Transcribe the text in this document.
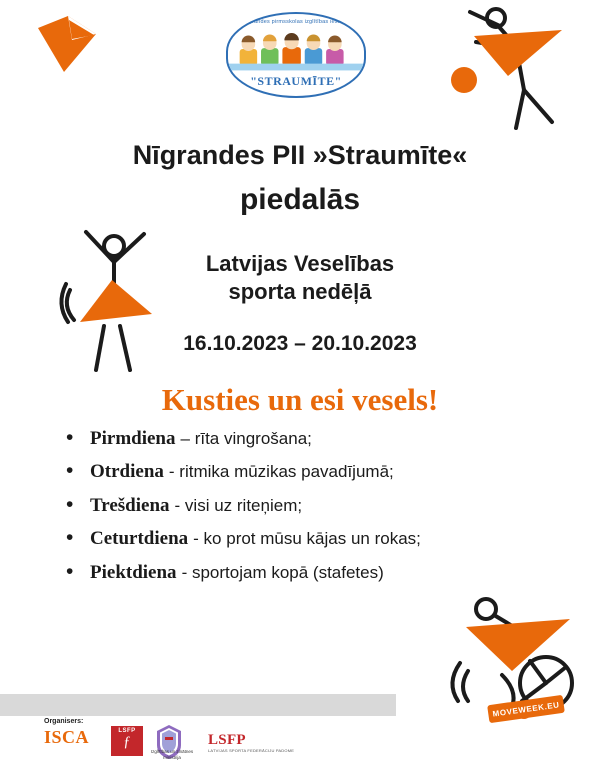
Nīgrandes pirmsskolas izglītības iestāde
"STRAUMĪTE"
Nīgrandes PII »Straumīte«
piedalās
Latvijas Veselības
sporta nedēļā
16.10.2023 – 20.10.2023
Kusties un esi vesels!
• Pirmdiena – rīta vingrošana;
• Otrdiena - ritmika mūzikas pavadījumā;
• Trešdiena - visi uz riteņiem;
• Ceturtdiena - ko prot mūsu kājas un rokas;
• Piektdiena - sportojam kopā (stafetes)
Organisers:
ISCA	LSFP
ƒ
Izglītības un zinātnes ministrija
LSFP
LATVIJAS SPORTA FEDERĀCIJU PADOME
MOVEWEEK.EU
